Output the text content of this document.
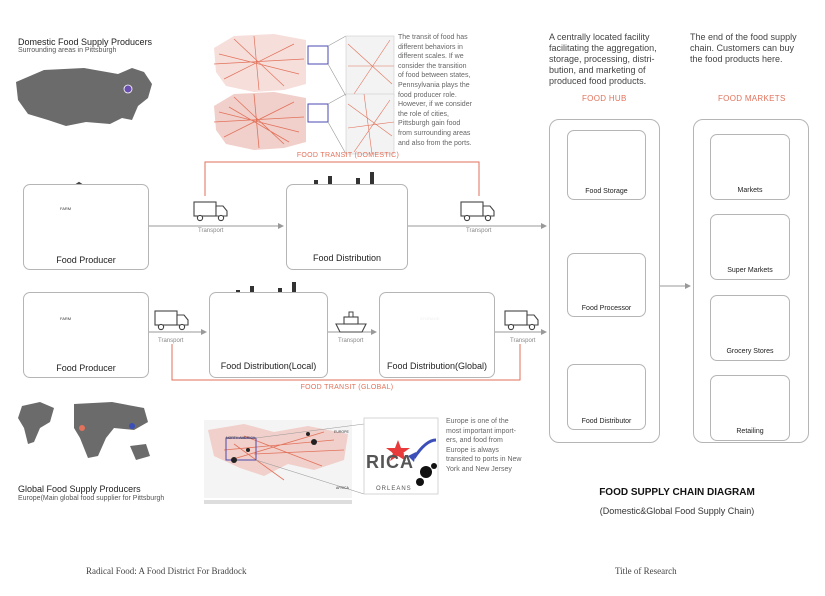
Domestic Food Supply Producers
Surrounding areas in Pittsburgh
The transit of food has
different behaviors in
different scales. If we
consider the transition
of food between states,
Pennsylvania plays the
food producer role.
However, if we consider
the role of cities,
Pittsburgh gain food
from surrounding areas
and also from the ports.
FOOD TRANSIT (DOMESTIC)
Food Producer
FARM
Food Distribution
Transport	Transport
Food Producer
FARM
Food Distribution(Local)	Food Distribution(Global)
STORAGE
Transport	Transport	Transport
FOOD TRANSIT (GLOBAL)
Global Food Supply Producers
Europe(Main global food supplier for Pittsburgh
Europe is one of the
most important import-
ers, and food from
Europe is always
transited to ports in New
York and New Jersey
RICA
ORLEANS
NORTH AMERICA
EUROPE
AFRICA
A centrally located facility
facilitating the aggregation,
storage, processing, distri-
bution, and marketing of
produced food products.
FOOD HUB
Food Storage
Food Processor
Food Distributor
The end of the food supply
chain. Customers can buy
the food products here.
FOOD MARKETS
Markets
Super Markets
Grocery Stores
Retailing
FOOD SUPPLY CHAIN DIAGRAM
(Domestic&Global Food Supply Chain)
Radical Food: A Food District For Braddock	Title of Research
